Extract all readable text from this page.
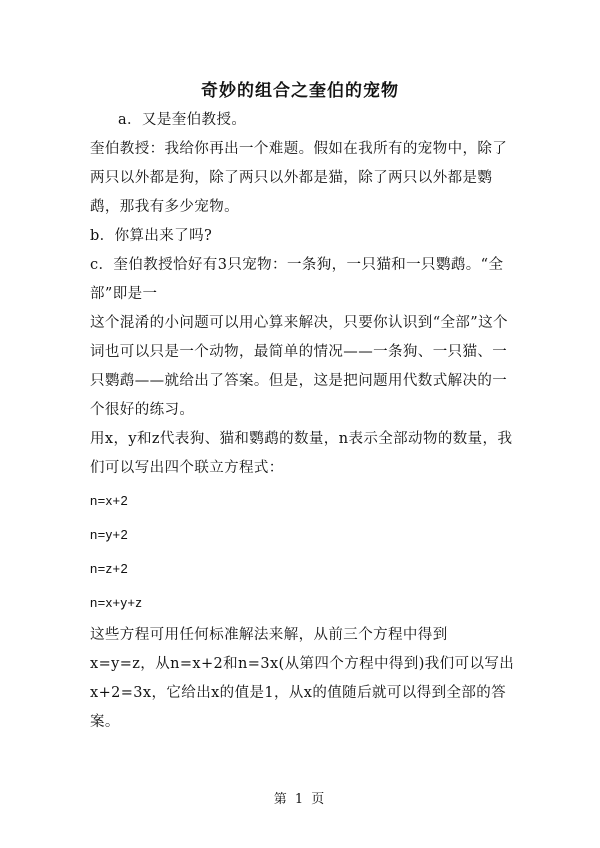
奇妙的组合之奎伯的宠物

a．又是奎伯教授。

奎伯教授：我给你再出一个难题。假如在我所有的宠物中，除了两只以外都是狗，除了两只以外都是猫，除了两只以外都是鹦鹉，那我有多少宠物。

b．你算出来了吗?

c．奎伯教授恰好有3只宠物：一条狗，一只猫和一只鹦鹉。“全部”即是一

这个混淆的小问题可以用心算来解决，只要你认识到“全部”这个词也可以只是一个动物，最简单的情况——一条狗、一只猫、一只鹦鹉——就给出了答案。但是，这是把问题用代数式解决的一个很好的练习。

用x，y和z代表狗、猫和鹦鹉的数量，n表示全部动物的数量，我们可以写出四个联立方程式：

n=x+2

n=y+2

n=z+2

n=x+y+z

这些方程可用任何标准解法来解，从前三个方程中得到

x=y=z，从n=x+2和n=3x(从第四个方程中得到)我们可以写出x+2=3x，它给出x的值是1，从x的值随后就可以得到全部的答案。

第 1 页
